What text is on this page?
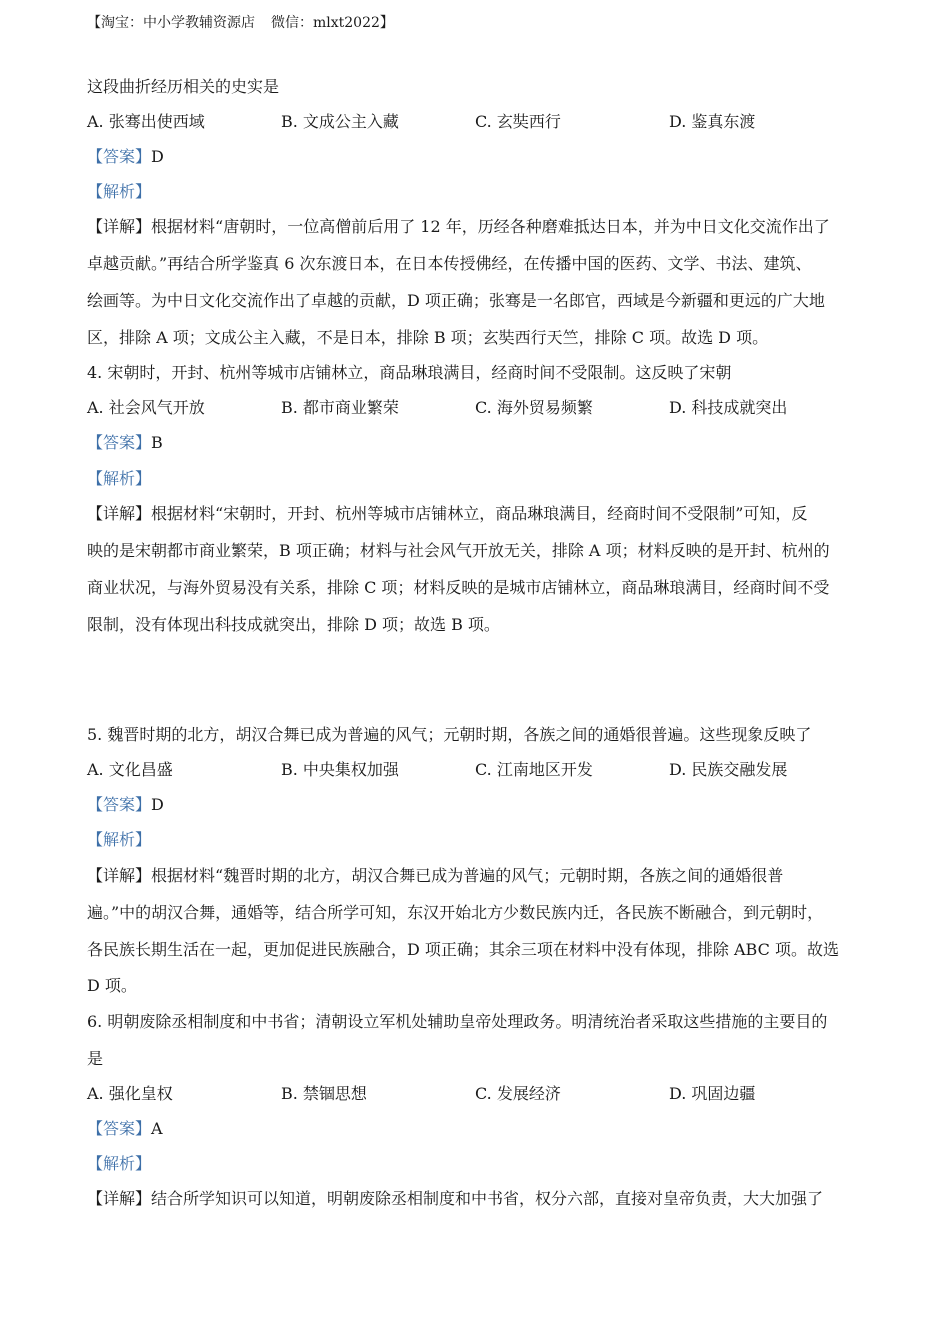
【淘宝：中小学教辅资源店 微信：mlxt2022】
这段曲折经历相关的史实是
A. 张骞出使西域	B. 文成公主入藏	C. 玄奘西行	D. 鉴真东渡
【答案】D
【解析】
【详解】根据材料“唐朝时，一位高僧前后用了 12 年，历经各种磨难抵达日本，并为中日文化交流作出了
卓越贡献。”再结合所学鉴真 6 次东渡日本，在日本传授佛经，在传播中国的医药、文学、书法、建筑、
绘画等。为中日文化交流作出了卓越的贡献，D 项正确；张骞是一名郎官，西域是今新疆和更远的广大地
区，排除 A 项；文成公主入藏，不是日本，排除 B 项；玄奘西行天竺，排除 C 项。故选 D 项。
4. 宋朝时，开封、杭州等城市店铺林立，商品琳琅满目，经商时间不受限制。这反映了宋朝
A. 社会风气开放	B. 都市商业繁荣	C. 海外贸易频繁	D. 科技成就突出
【答案】B
【解析】
【详解】根据材料“宋朝时，开封、杭州等城市店铺林立，商品琳琅满目，经商时间不受限制”可知，反
映的是宋朝都市商业繁荣，B 项正确；材料与社会风气开放无关，排除 A 项；材料反映的是开封、杭州的
商业状况，与海外贸易没有关系，排除 C 项；材料反映的是城市店铺林立，商品琳琅满目，经商时间不受
限制，没有体现出科技成就突出，排除 D 项；故选 B 项。
5. 魏晋时期的北方，胡汉合舞已成为普遍的风气；元朝时期，各族之间的通婚很普遍。这些现象反映了
A. 文化昌盛	B. 中央集权加强	C. 江南地区开发	D. 民族交融发展
【答案】D
【解析】
【详解】根据材料“魏晋时期的北方，胡汉合舞已成为普遍的风气；元朝时期，各族之间的通婚很普
遍。”中的胡汉合舞，通婚等，结合所学可知，东汉开始北方少数民族内迁，各民族不断融合，到元朝时，
各民族长期生活在一起，更加促进民族融合，D 项正确；其余三项在材料中没有体现，排除 ABC 项。故选
D 项。
6. 明朝废除丞相制度和中书省；清朝设立军机处辅助皇帝处理政务。明清统治者采取这些措施的主要目的
是
A. 强化皇权	B. 禁锢思想	C. 发展经济	D. 巩固边疆
【答案】A
【解析】
【详解】结合所学知识可以知道，明朝废除丞相制度和中书省，权分六部，直接对皇帝负责，大大加强了
